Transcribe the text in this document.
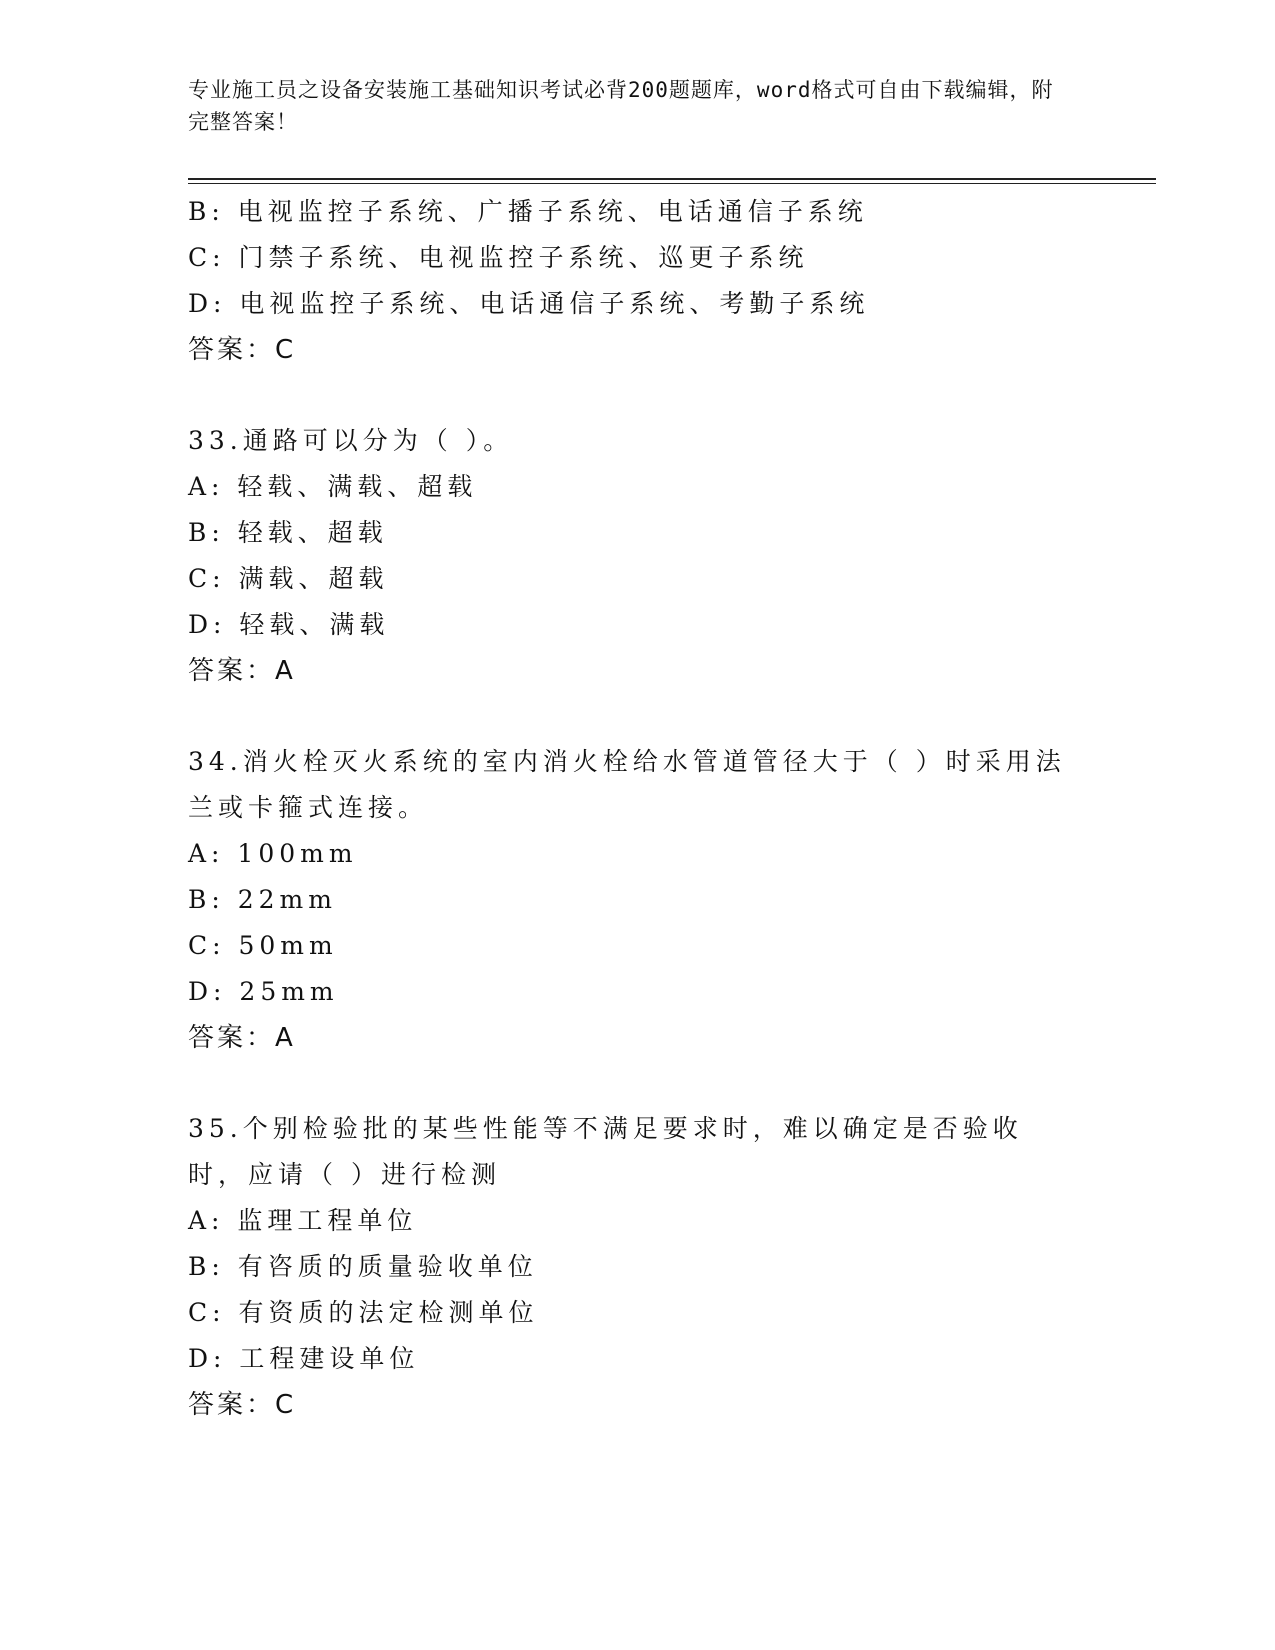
专业施工员之设备安装施工基础知识考试必背200题题库，word格式可自由下载编辑，附完整答案！
B: 电视监控子系统、广播子系统、电话通信子系统
C: 门禁子系统、电视监控子系统、巡更子系统
D: 电视监控子系统、电话通信子系统、考勤子系统
答案：C
33.通路可以分为（ ）。
A: 轻载、满载、超载
B: 轻载、超载
C: 满载、超载
D: 轻载、满载
答案：A
34.消火栓灭火系统的室内消火栓给水管道管径大于（ ）时采用法兰或卡箍式连接。
A: 100mm
B: 22mm
C: 50mm
D: 25mm
答案：A
35.个别检验批的某些性能等不满足要求时，难以确定是否验收时，应请（ ）进行检测
A: 监理工程单位
B: 有咨质的质量验收单位
C: 有资质的法定检测单位
D: 工程建设单位
答案：C
